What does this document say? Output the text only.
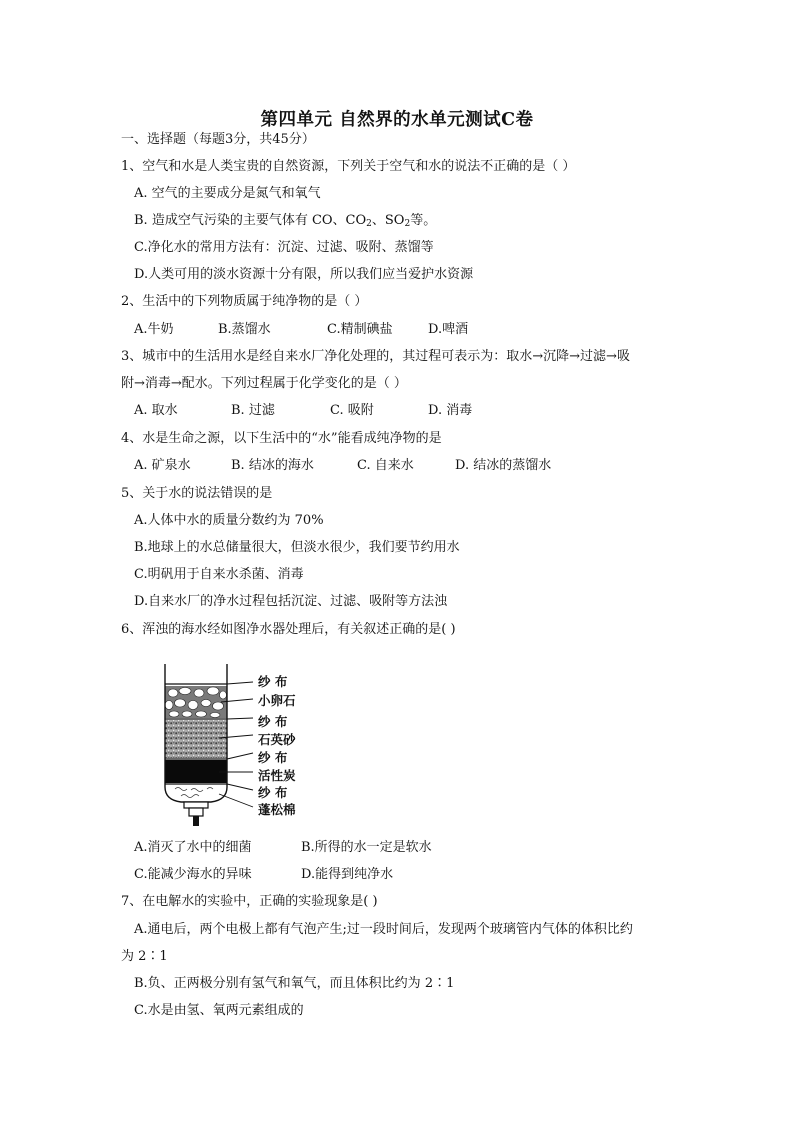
第四单元 自然界的水单元测试C卷
一、选择题（每题3分，共45分）
1、空气和水是人类宝贵的自然资源，下列关于空气和水的说法不正确的是（ ）
A. 空气的主要成分是氮气和氧气
B. 造成空气污染的主要气体有 CO、$CO_2$、$SO_2$等。
C.净化水的常用方法有：沉淀、过滤、吸附、蒸馏等
D.人类可用的淡水资源十分有限，所以我们应当爱护水资源
2、生活中的下列物质属于纯净物的是（ ）
A.牛奶	B.蒸馏水	C.精制碘盐	D.啤酒
3、城市中的生活用水是经自来水厂净化处理的，其过程可表示为：取水→沉降→过滤→吸
附→消毒→配水。下列过程属于化学变化的是（ ）
A. 取水	B. 过滤	C. 吸附	D. 消毒
4、水是生命之源，以下生活中的“水”能看成纯净物的是
A. 矿泉水	B. 结冰的海水	C. 自来水	D. 结冰的蒸馏水
5、关于水的说法错误的是
A.人体中水的质量分数约为 70%
B.地球上的水总储量很大，但淡水很少，我们要节约用水
C.明矾用于自来水杀菌、消毒
D.自来水厂的净水过程包括沉淀、过滤、吸附等方法浊
6、浑浊的海水经如图净水器处理后，有关叙述正确的是( )
纱 布
小卵石
纱 布
石英砂
纱 布
活性炭
纱 布
蓬松棉
A.消灭了水中的细菌	B.所得的水一定是软水
C.能减少海水的异味	D.能得到纯净水
7、在电解水的实验中，正确的实验现象是( )
A.通电后，两个电极上都有气泡产生;过一段时间后，发现两个玻璃管内气体的体积比约
为 2∶1
B.负、正两极分别有氢气和氧气，而且体积比约为 2∶1
C.水是由氢、氧两元素组成的
